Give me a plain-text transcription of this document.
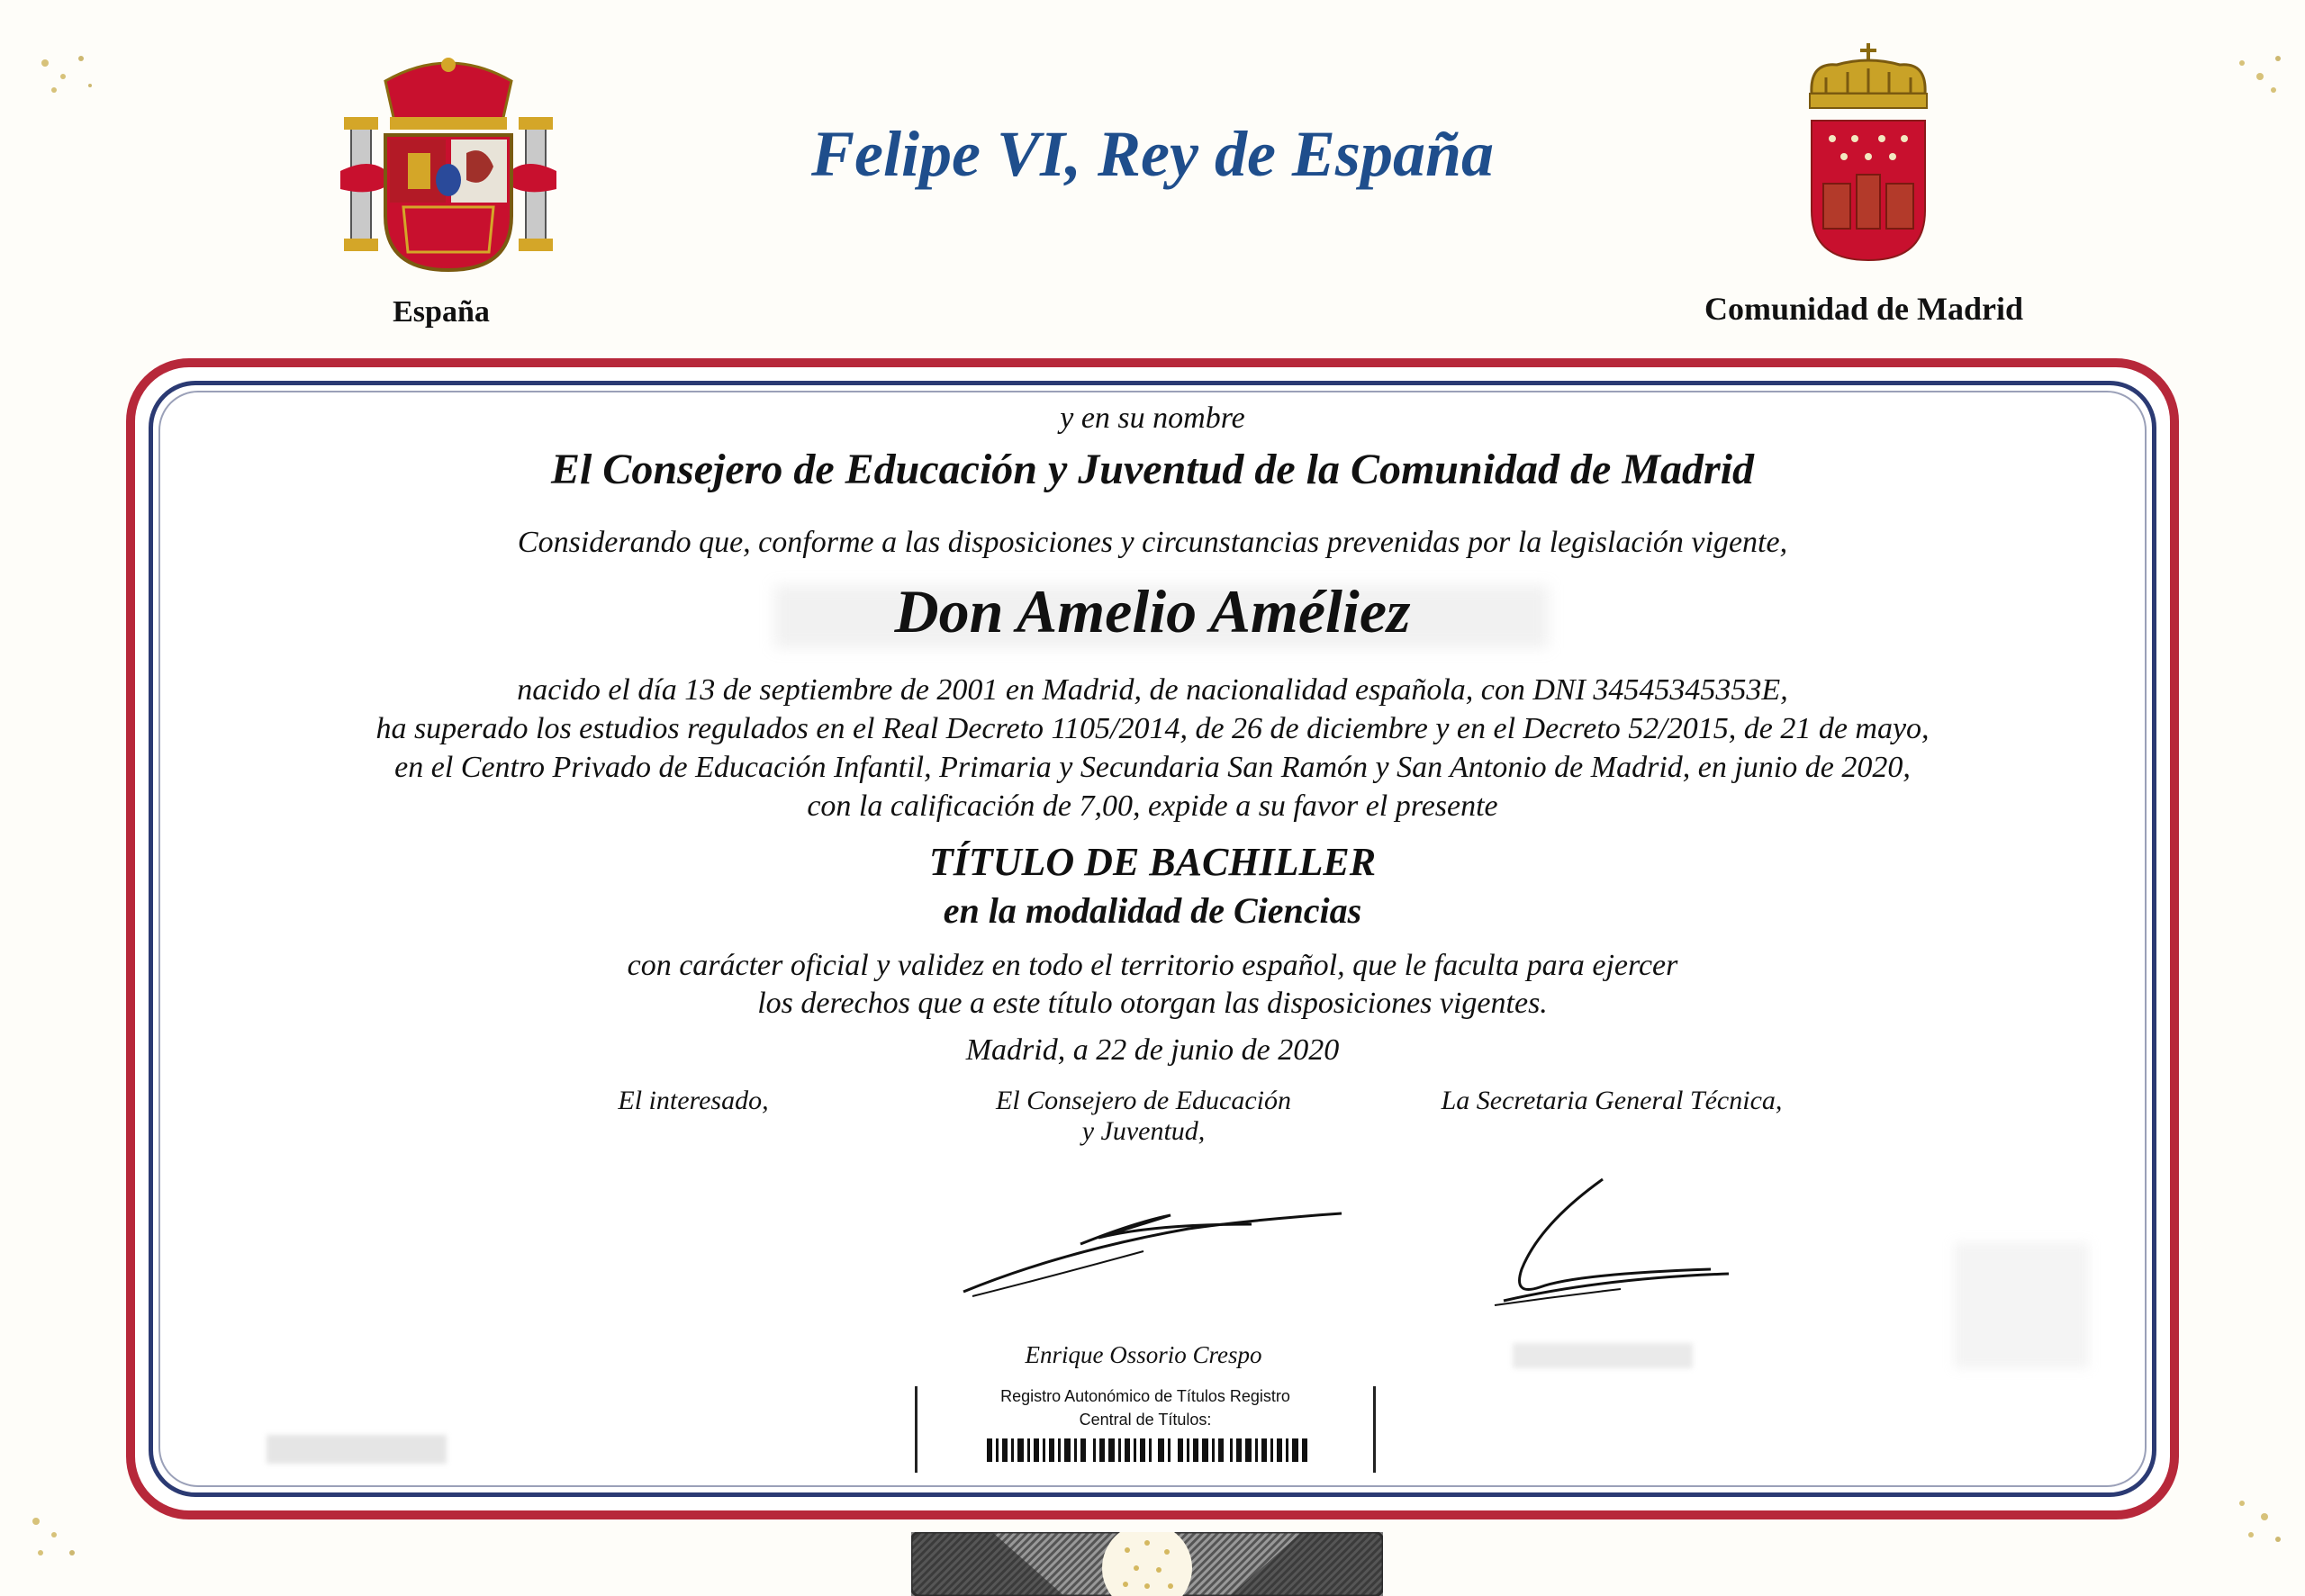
España
Felipe VI, Rey de España
Comunidad de Madrid
y en su nombre
El Consejero de Educación y Juventud de la Comunidad de Madrid
Considerando que, conforme a las disposiciones y circunstancias prevenidas por la legislación vigente,
Don Amelio Améliez
nacido el día 13 de septiembre de 2001 en Madrid, de nacionalidad española, con DNI 34545345353E,
ha superado los estudios regulados en el Real Decreto 1105/2014, de 26 de diciembre y en el Decreto 52/2015, de 21 de mayo,
en el Centro Privado de Educación Infantil, Primaria y Secundaria San Ramón y San Antonio de Madrid, en junio de 2020,
con la calificación de 7,00, expide a su favor el presente
TÍTULO DE BACHILLER
en la modalidad de Ciencias
con carácter oficial y validez en todo el territorio español, que le faculta para ejercer
los derechos que a este título otorgan las disposiciones vigentes.
Madrid, a 22 de junio de 2020
El interesado,	El Consejero de Educación
y Juventud,
La Secretaria General Técnica,
Enrique Ossorio Crespo
Registro Autonómico de Títulos Registro
Central de Títulos:
